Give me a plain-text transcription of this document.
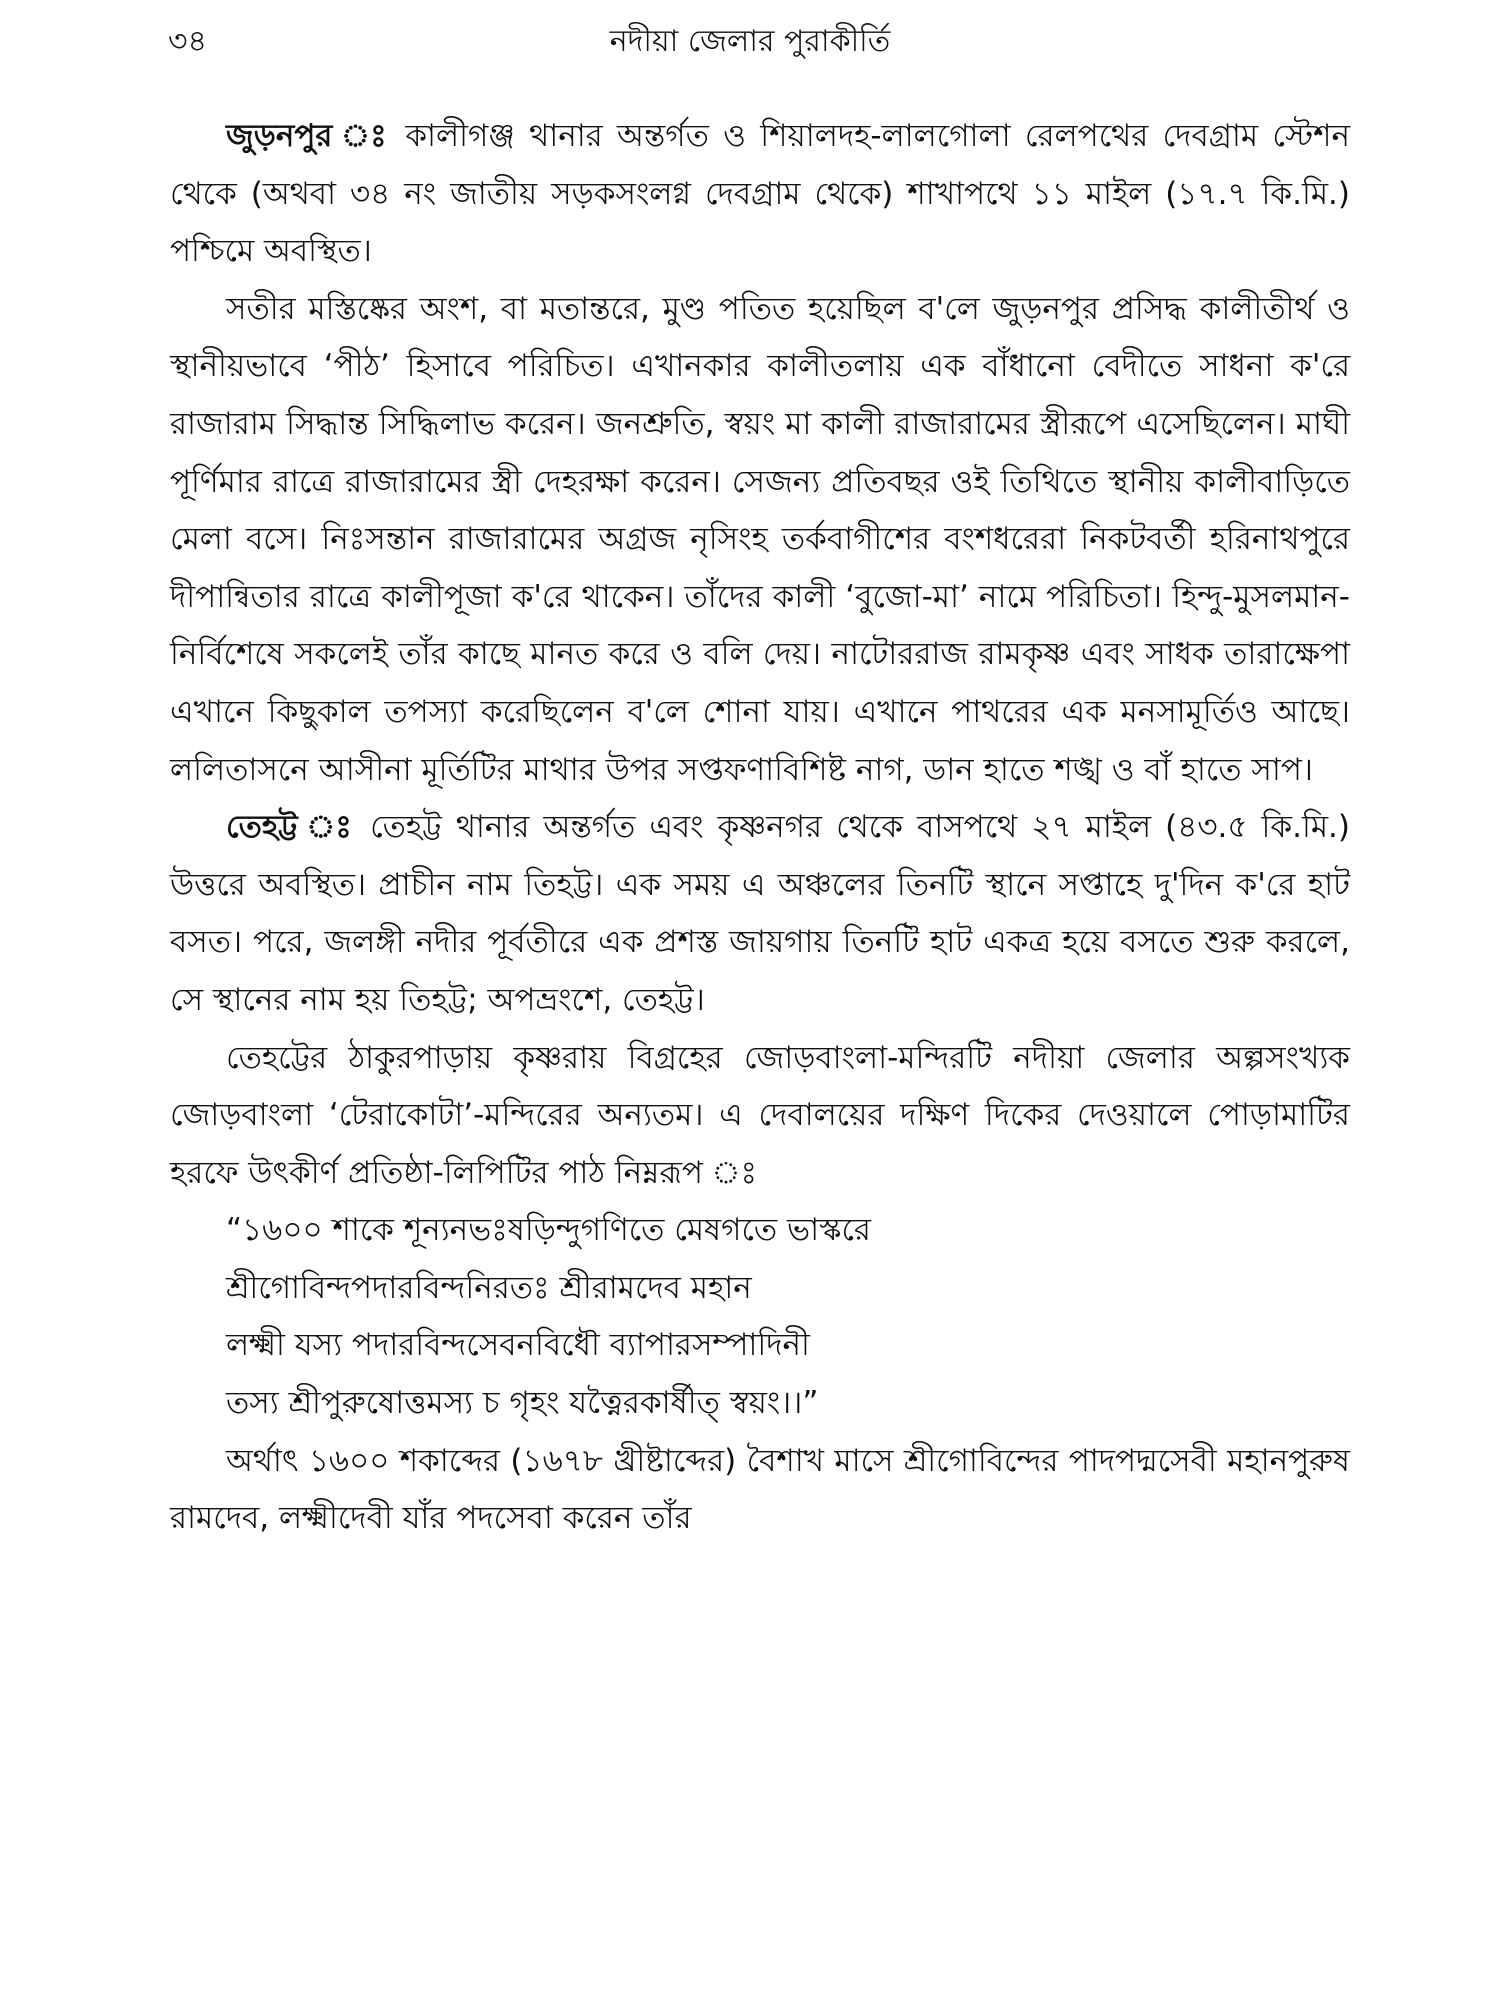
৩৪	নদীয়া জেলার পুরাকীর্তি

জুড়নপুর ঃ কালীগঞ্জ থানার অন্তর্গত ও শিয়ালদহ-লালগোলা রেলপথের দেবগ্রাম স্টেশন থেকে (অথবা ৩৪ নং জাতীয় সড়কসংলগ্ন দেবগ্রাম থেকে) শাখাপথে ১১ মাইল (১৭.৭ কি.মি.) পশ্চিমে অবস্থিত।

সতীর মস্তিষ্কের অংশ, বা মতান্তরে, মুণ্ড পতিত হয়েছিল ব'লে জুড়নপুর প্রসিদ্ধ কালীতীর্থ ও স্থানীয়ভাবে ‘পীঠ’ হিসাবে পরিচিত। এখানকার কালীতলায় এক বাঁধানো বেদীতে সাধনা ক'রে রাজারাম সিদ্ধান্ত সিদ্ধিলাভ করেন। জনশ্রুতি, স্বয়ং মা কালী রাজারামের স্ত্রীরূপে এসেছিলেন। মাঘী পূর্ণিমার রাত্রে রাজারামের স্ত্রী দেহরক্ষা করেন। সেজন্য প্রতিবছর ওই তিথিতে স্থানীয় কালীবাড়িতে মেলা বসে। নিঃসন্তান রাজারামের অগ্রজ নৃসিংহ তর্কবাগীশের বংশধরেরা নিকটবর্তী হরিনাথপুরে দীপান্বিতার রাত্রে কালীপূজা ক'রে থাকেন। তাঁদের কালী ‘বুজো-মা’ নামে পরিচিতা। হিন্দু-মুসলমান-নির্বিশেষে সকলেই তাঁর কাছে মানত করে ও বলি দেয়। নাটোররাজ রামকৃষ্ণ এবং সাধক তারাক্ষেপা এখানে কিছুকাল তপস্যা করেছিলেন ব'লে শোনা যায়। এখানে পাথরের এক মনসামূর্তিও আছে। ললিতাসনে আসীনা মূর্তিটির মাথার উপর সপ্তফণাবিশিষ্ট নাগ, ডান হাতে শঙ্খ ও বাঁ হাতে সাপ।

তেহট্ট ঃ তেহট্ট থানার অন্তর্গত এবং কৃষ্ণনগর থেকে বাসপথে ২৭ মাইল (৪৩.৫ কি.মি.) উত্তরে অবস্থিত। প্রাচীন নাম তিহট্ট। এক সময় এ অঞ্চলের তিনটি স্থানে সপ্তাহে দু'দিন ক'রে হাট বসত। পরে, জলঙ্গী নদীর পূর্বতীরে এক প্রশস্ত জায়গায় তিনটি হাট একত্র হয়ে বসতে শুরু করলে, সে স্থানের নাম হয় তিহট্ট; অপভ্রংশে, তেহট্ট।

তেহট্টের ঠাকুরপাড়ায় কৃষ্ণরায় বিগ্রহের জোড়বাংলা-মন্দিরটি নদীয়া জেলার অল্পসংখ্যক জোড়বাংলা ‘টেরাকোটা’-মন্দিরের অন্যতম। এ দেবালয়ের দক্ষিণ দিকের দেওয়ালে পোড়ামাটির হরফে উৎকীর্ণ প্রতিষ্ঠা-লিপিটির পাঠ নিম্নরূপ ঃ

“১৬০০ শাকে শূন্যনভঃষড়িন্দুগণিতে মেষগতে ভাস্করে
শ্রীগোবিন্দপদারবিন্দনিরতঃ শ্রীরামদেব মহান
লক্ষ্মী যস্য পদারবিন্দসেবনবিধৌ ব্যাপারসম্পাদিনী
তস্য শ্রীপুরুষোত্তমস্য চ গৃহং যত্নৈরকার্ষীত্ স্বয়ং।।”

অর্থাৎ ১৬০০ শকাব্দের (১৬৭৮ খ্রীষ্টাব্দের) বৈশাখ মাসে শ্রীগোবিন্দের পাদপদ্মসেবী মহানপুরুষ রামদেব, লক্ষ্মীদেবী যাঁর পদসেবা করেন তাঁর
